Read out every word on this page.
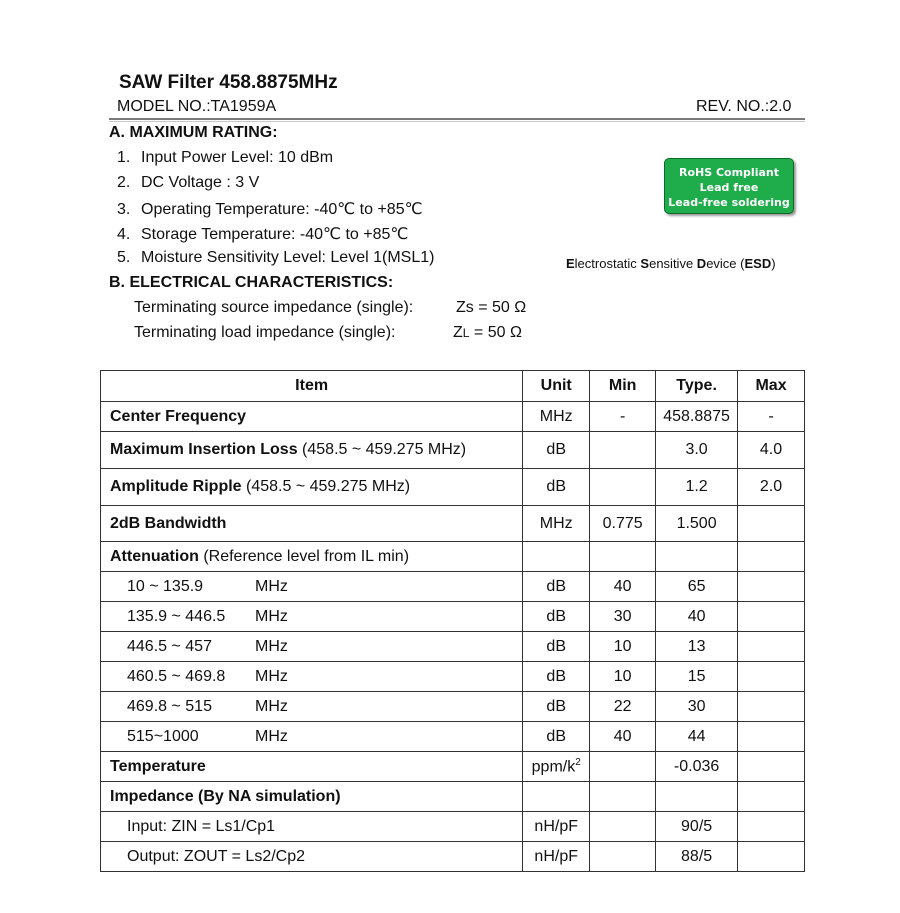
SAW Filter 458.8875MHz
MODEL NO.:TA1959A	REV. NO.:2.0
A. MAXIMUM RATING:
1. Input Power Level: 10 dBm
2. DC Voltage : 3 V
3. Operating Temperature: -40℃ to +85℃
4. Storage Temperature: -40℃ to +85℃
5. Moisture Sensitivity Level: Level 1(MSL1)
RoHS Compliant
Lead free
Lead-free soldering
Electrostatic Sensitive Device (ESD)
B. ELECTRICAL CHARACTERISTICS:
Terminating source impedance (single):	Zs = 50 Ω
Terminating load impedance (single):	ZL = 50 Ω
Item	Unit	Min	Type.	Max
Center Frequency	MHz	-	458.8875	-
Maximum Insertion Loss (458.5 ~ 459.275 MHz)	dB		3.0	4.0
Amplitude Ripple (458.5 ~ 459.275 MHz)	dB		1.2	2.0
2dB Bandwidth	MHz	0.775	1.500	
Attenuation (Reference level from IL min)				
10 ~ 135.9 MHz	dB	40	65	
135.9 ~ 446.5 MHz	dB	30	40	
446.5 ~ 457 MHz	dB	10	13	
460.5 ~ 469.8 MHz	dB	10	15	
469.8 ~ 515 MHz	dB	22	30	
515~1000 MHz	dB	40	44	
Temperature	ppm/$k^2$		-0.036	
Impedance (By NA simulation)				
Input: ZIN = Ls1/Cp1	nH/pF		90/5	
Output: ZOUT = Ls2/Cp2	nH/pF		88/5	
